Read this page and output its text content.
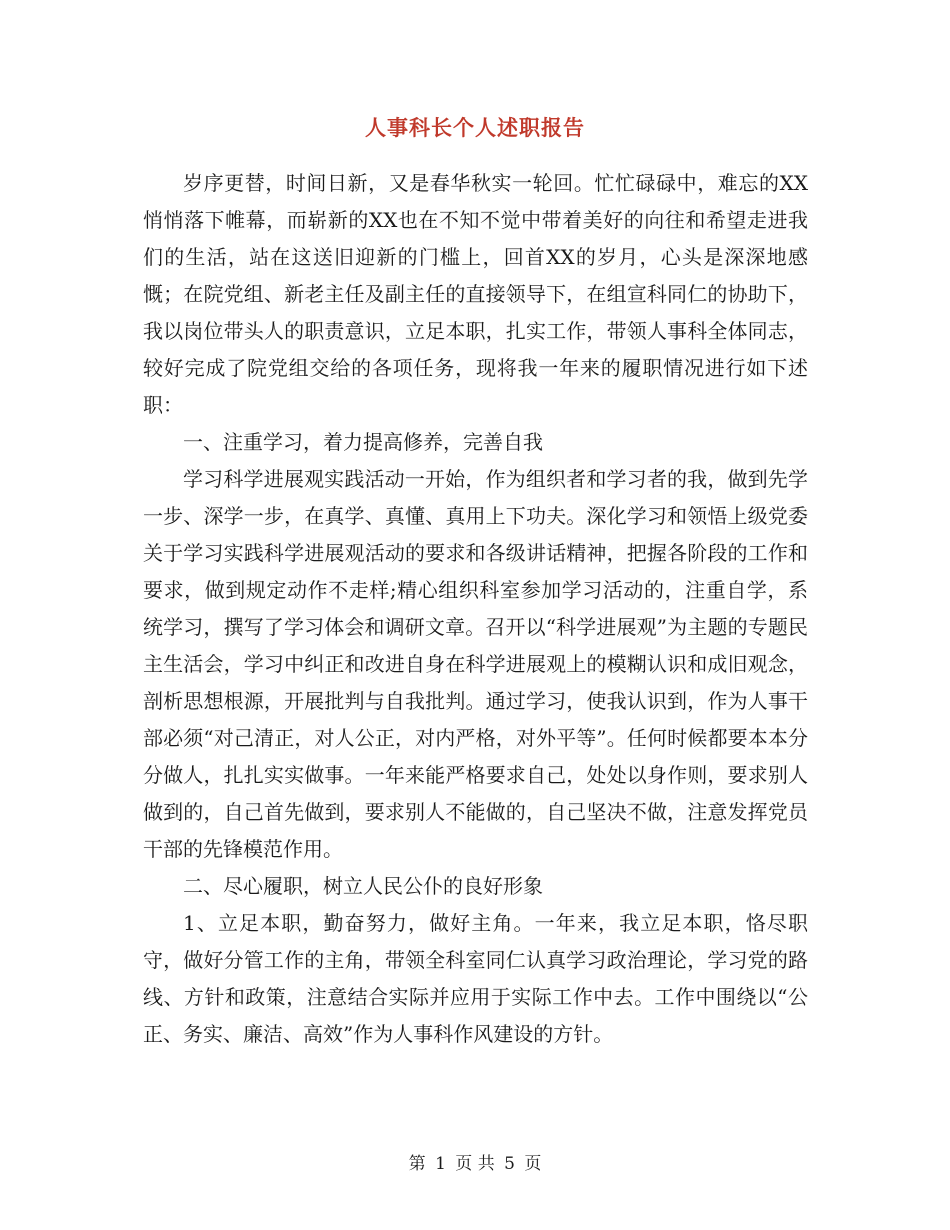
人事科长个人述职报告

岁序更替，时间日新，又是春华秋实一轮回。忙忙碌碌中，难忘的XX悄悄落下帷幕，而崭新的XX也在不知不觉中带着美好的向往和希望走进我们的生活，站在这送旧迎新的门槛上，回首XX的岁月，心头是深深地感慨；在院党组、新老主任及副主任的直接领导下，在组宣科同仁的协助下，我以岗位带头人的职责意识，立足本职，扎实工作，带领人事科全体同志，较好完成了院党组交给的各项任务，现将我一年来的履职情况进行如下述职：

一、注重学习，着力提高修养，完善自我

学习科学进展观实践活动一开始，作为组织者和学习者的我，做到先学一步、深学一步，在真学、真懂、真用上下功夫。深化学习和领悟上级党委关于学习实践科学进展观活动的要求和各级讲话精神，把握各阶段的工作和要求，做到规定动作不走样;精心组织科室参加学习活动的，注重自学，系统学习，撰写了学习体会和调研文章。召开以“科学进展观”为主题的专题民主生活会，学习中纠正和改进自身在科学进展观上的模糊认识和成旧观念，剖析思想根源，开展批判与自我批判。通过学习，使我认识到，作为人事干部必须“对己清正，对人公正，对内严格，对外平等”。任何时候都要本本分分做人，扎扎实实做事。一年来能严格要求自己，处处以身作则，要求别人做到的，自己首先做到，要求别人不能做的，自己坚决不做，注意发挥党员干部的先锋模范作用。

二、尽心履职，树立人民公仆的良好形象

1、立足本职，勤奋努力，做好主角。一年来，我立足本职，恪尽职守，做好分管工作的主角，带领全科室同仁认真学习政治理论，学习党的路线、方针和政策，注意结合实际并应用于实际工作中去。工作中围绕以“公正、务实、廉洁、高效”作为人事科作风建设的方针。

第 1 页 共 5 页
